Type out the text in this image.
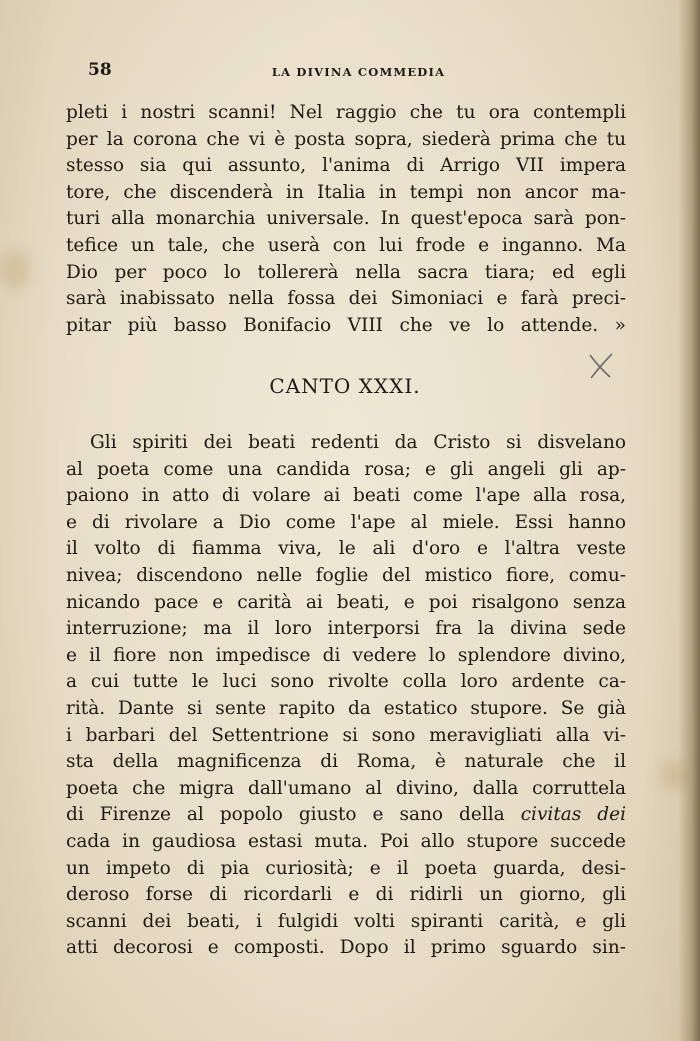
58	LA DIVINA COMMEDIA
pleti i nostri scanni! Nel raggio che tu ora contempli
per la corona che vi è posta sopra, siederà prima che tu
stesso sia qui assunto, l'anima di Arrigo VII impera
tore, che discenderà in Italia in tempi non ancor ma-
turi alla monarchia universale. In quest'epoca sarà pon-
tefice un tale, che userà con lui frode e inganno. Ma
Dio per poco lo tollererà nella sacra tiara; ed egli
sarà inabissato nella fossa dei Simoniaci e farà preci-
pitar più basso Bonifacio VIII che ve lo attende. »
CANTO XXXI.
Gli spiriti dei beati redenti da Cristo si disvelano
al poeta come una candida rosa; e gli angeli gli ap-
paiono in atto di volare ai beati come l'ape alla rosa,
e di rivolare a Dio come l'ape al miele. Essi hanno
il volto di fiamma viva, le ali d'oro e l'altra veste
nivea; discendono nelle foglie del mistico fiore, comu-
nicando pace e carità ai beati, e poi risalgono senza
interruzione; ma il loro interporsi fra la divina sede
e il fiore non impedisce di vedere lo splendore divino,
a cui tutte le luci sono rivolte colla loro ardente ca-
rità. Dante si sente rapito da estatico stupore. Se già
i barbari del Settentrione si sono meravigliati alla vi-
sta della magnificenza di Roma, è naturale che il
poeta che migra dall'umano al divino, dalla corruttela
di Firenze al popolo giusto e sano della civitas dei
cada in gaudiosa estasi muta. Poi allo stupore succede
un impeto di pia curiosità; e il poeta guarda, desi-
deroso forse di ricordarli e di ridirli un giorno, gli
scanni dei beati, i fulgidi volti spiranti carità, e gli
atti decorosi e composti. Dopo il primo sguardo sin-
